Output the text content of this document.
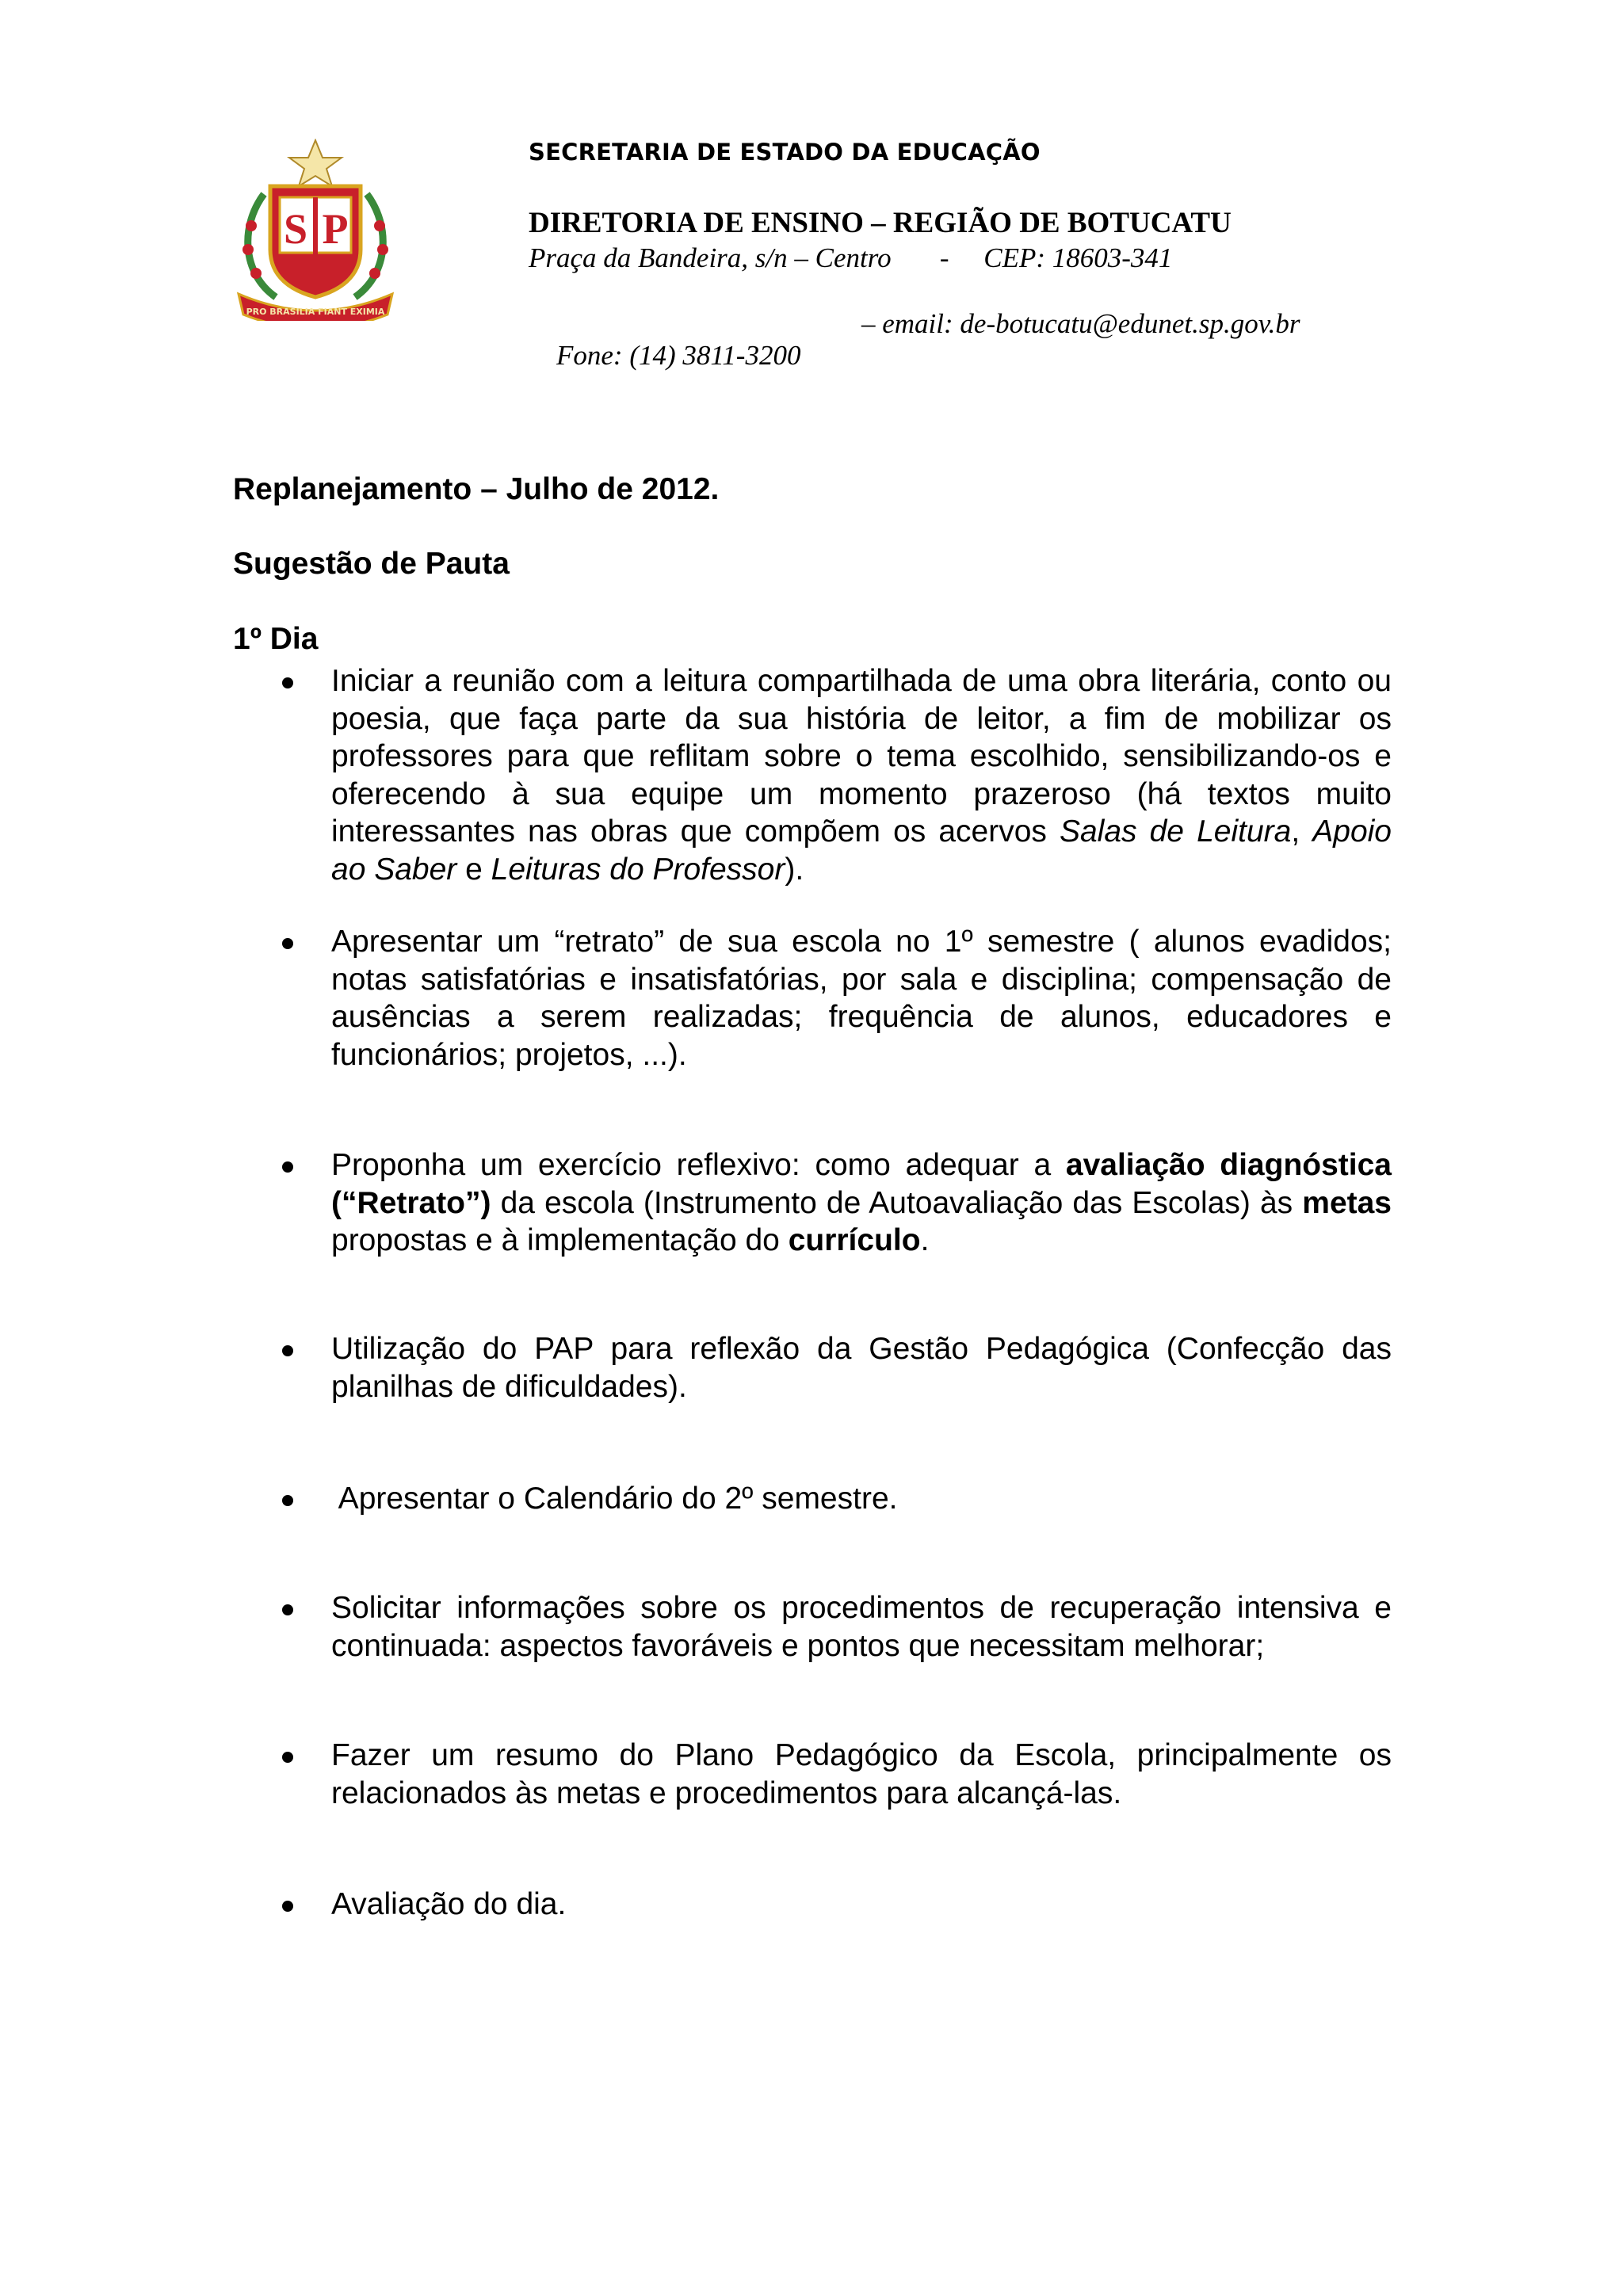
S P
PRO BRASILIA FIANT EXIMIA
SECRETARIA DE ESTADO DA EDUCAÇÃO
DIRETORIA DE ENSINO – REGIÃO DE BOTUCATU
Praça da Bandeira, s/n – Centro       -     CEP: 18603-341

Fone: (14) 3811-3200

– email: de-botucatu@edunet.sp.gov.br

Replanejamento – Julho de 2012.
Sugestão de Pauta
1º Dia
Iniciar a reunião com a leitura compartilhada de uma obra literária, conto ou poesia, que faça parte da sua história de leitor, a fim de mobilizar os professores para que reflitam sobre o tema escolhido, sensibilizando-os e oferecendo à sua equipe um momento prazeroso (há textos muito interessantes nas obras que compõem os acervos Salas de Leitura, Apoio ao Saber e Leituras do Professor).
Apresentar um “retrato” de sua escola no 1º semestre ( alunos evadidos; notas satisfatórias e insatisfatórias, por sala e disciplina; compensação de ausências a serem realizadas; frequência de alunos, educadores e funcionários; projetos, ...).
Proponha um exercício reflexivo: como adequar a avaliação diagnóstica (“Retrato”) da escola (Instrumento de Autoavaliação das Escolas) às metas propostas e à implementação do currículo.
Utilização do PAP para reflexão da Gestão Pedagógica (Confecção das planilhas de dificuldades).
Apresentar o Calendário do 2º semestre.
Solicitar informações sobre os procedimentos de recuperação intensiva e continuada: aspectos favoráveis e pontos que necessitam melhorar;
Fazer um resumo do Plano Pedagógico da Escola, principalmente os relacionados às metas e procedimentos para alcançá-las.
Avaliação do dia.
